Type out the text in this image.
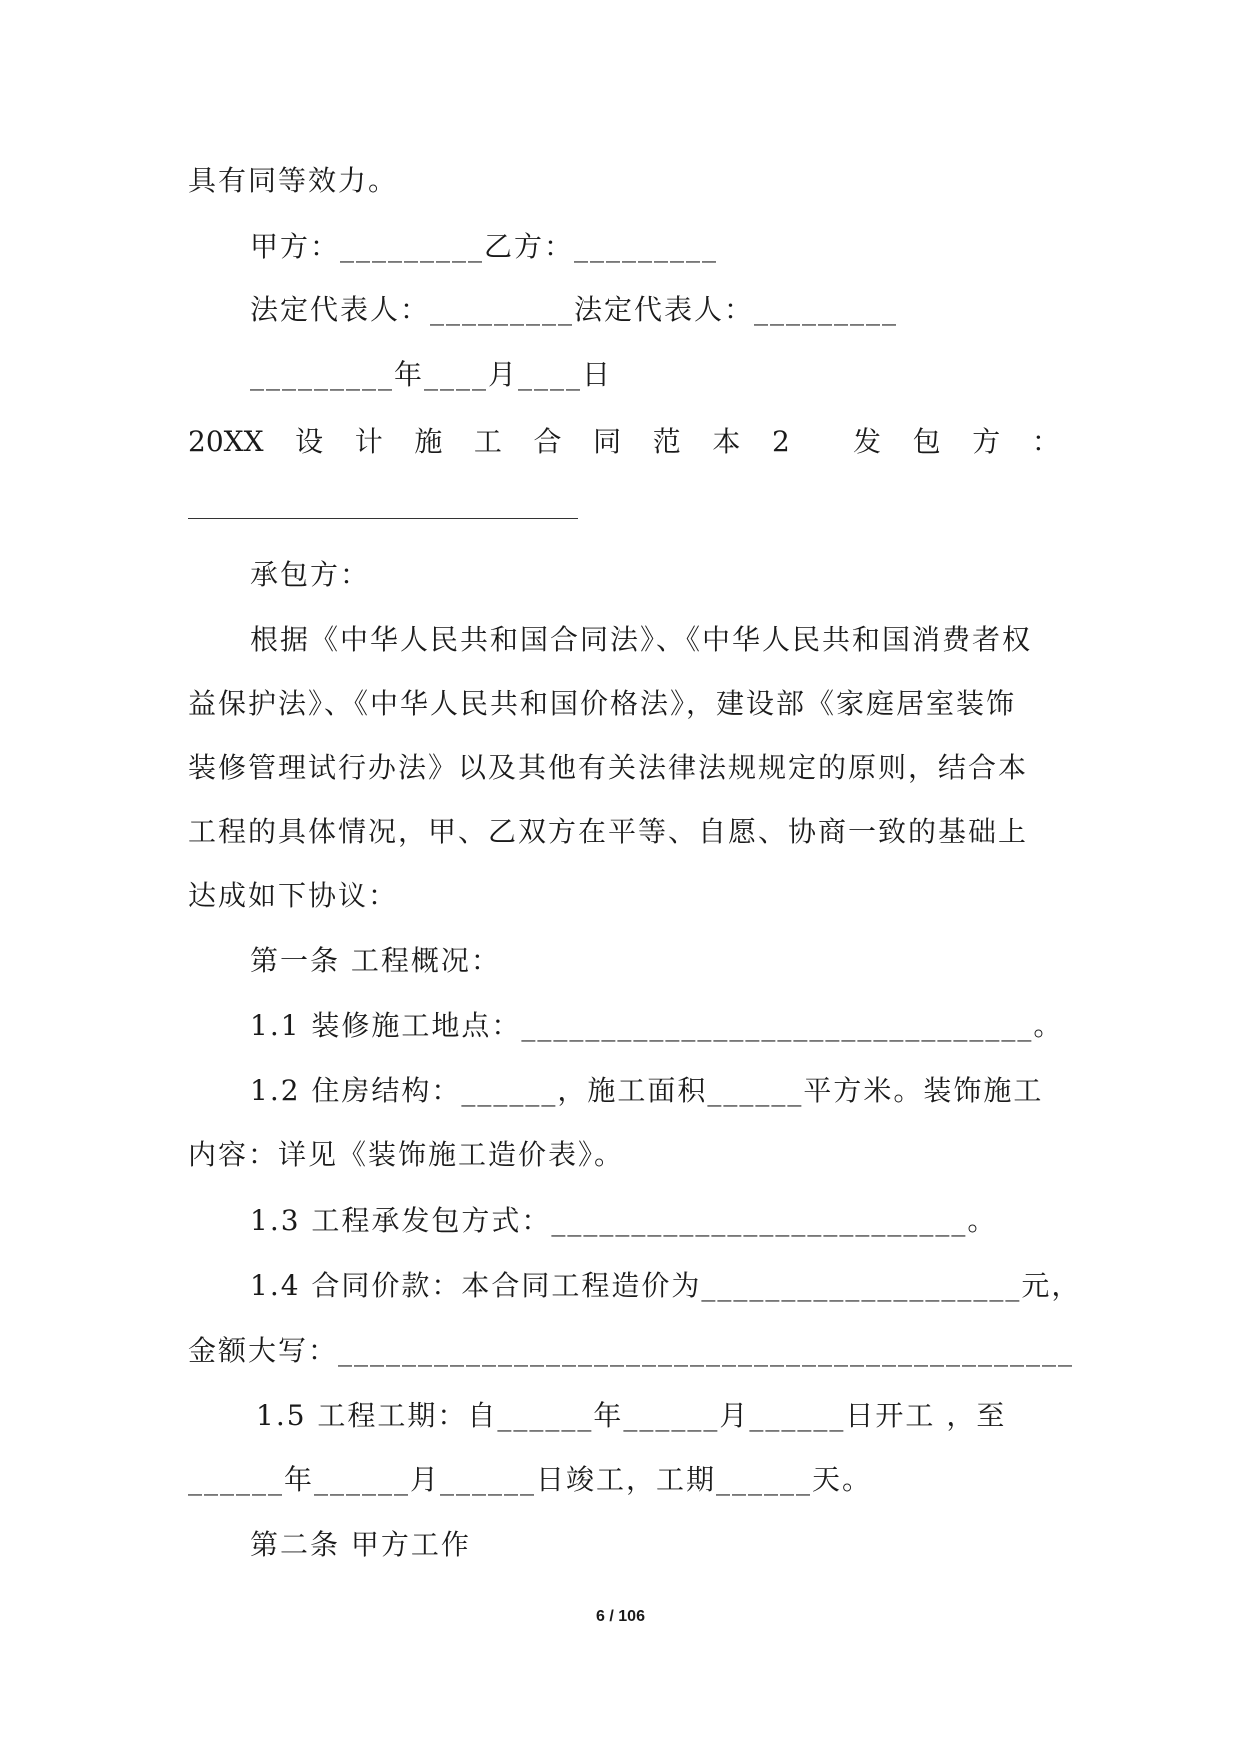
具有同等效力。
甲方：_________乙方：_________
法定代表人：_________法定代表人：_________
_________年____月____日
20XX 设 计 施 工 合 同 范 本 2 发 包 方 ：
承包方：
根据《中华人民共和国合同法》、《中华人民共和国消费者权
益保护法》、《中华人民共和国价格法》，建设部《家庭居室装饰
装修管理试行办法》以及其他有关法律法规规定的原则，结合本
工程的具体情况，甲、乙双方在平等、自愿、协商一致的基础上
达成如下协议：
第一条 工程概况：
1.1 装修施工地点：________________________________。
1.2 住房结构：______，施工面积______平方米。装饰施工
内容：详见《装饰施工造价表》。
1.3 工程承发包方式：__________________________。
1.4 合同价款：本合同工程造价为____________________元，
金额大写：______________________________________________
1.5 工程工期：自______年______月______日开工 ，至
______年______月______日竣工，工期______天。
第二条 甲方工作
6 / 106
